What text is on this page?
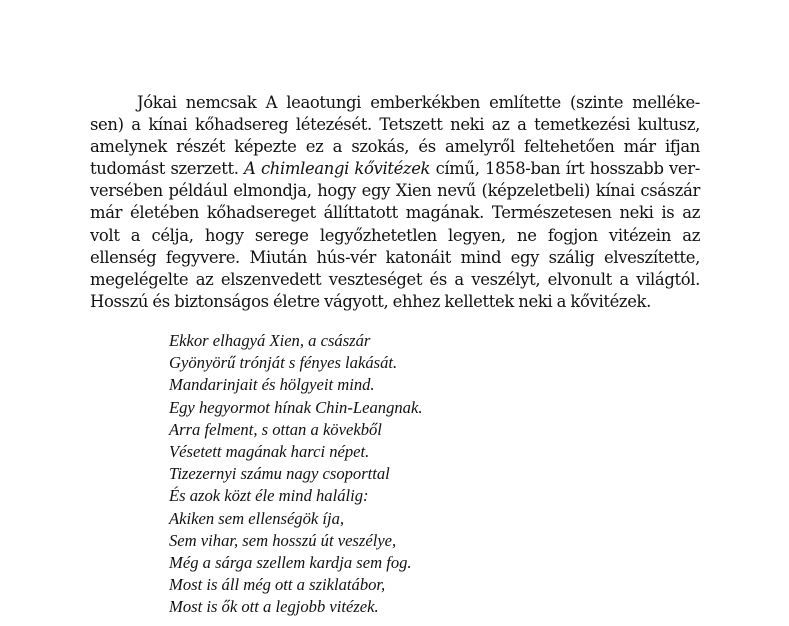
Jókai nemcsak A leaotungi emberkékben említette (szinte melléke-
sen) a kínai kőhadsereg létezését. Tetszett neki az a temetkezési kultusz,
amelynek részét képezte ez a szokás, és amelyről feltehetően már ifjan
tudomást szerzett. A chimleangi kővitézek című, 1858-ban írt hosszabb ver-
versében például elmondja, hogy egy Xien nevű (képzeletbeli) kínai császár
már életében kőhadsereget állíttatott magának. Természetesen neki is az
volt a célja, hogy serege legyőzhetetlen legyen, ne fogjon vitézein az
ellenség fegyvere. Miután hús-vér katonáit mind egy szálig elveszítette,
megelégelte az elszenvedett veszteséget és a veszélyt, elvonult a világtól.
Hosszú és biztonságos életre vágyott, ehhez kellettek neki a kővitézek.
Ekkor elhagyá Xien, a császár
Gyönyörű trónját s fényes lakását.
Mandarinjait és hölgyeit mind.
Egy hegyormot hínak Chin-Leangnak.
Arra felment, s ottan a kövekből
Vésetett magának harci népet.
Tizezernyi számu nagy csoporttal
És azok közt éle mind halálig:
Akiken sem ellenségök íja,
Sem vihar, sem hosszú út veszélye,
Még a sárga szellem kardja sem fog.
Most is áll még ott a sziklatábor,
Most is ők ott a legjobb vitézek.
